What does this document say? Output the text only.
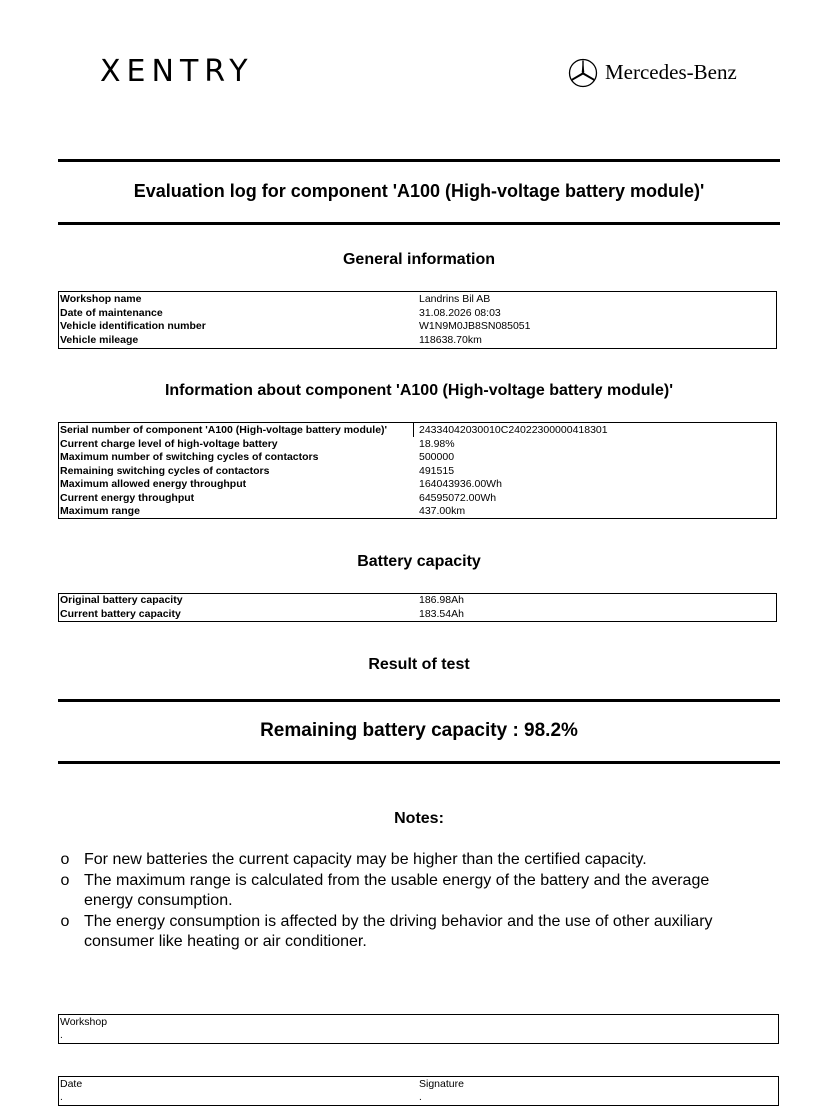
XENTRY	Mercedes-Benz
Evaluation log for component 'A100 (High-voltage battery module)'
General information
Workshop name	Landrins Bil AB
Date of maintenance	31.08.2026 08:03
Vehicle identification number	W1N9M0JB8SN085051
Vehicle mileage	118638.70km
Information about component 'A100 (High-voltage battery module)'
Serial number of component 'A100 (High-voltage battery module)'	24334042030010C24022300000418301
Current charge level of high-voltage battery	18.98%
Maximum number of switching cycles of contactors	500000
Remaining switching cycles of contactors	491515
Maximum allowed energy throughput	164043936.00Wh
Current energy throughput	64595072.00Wh
Maximum range	437.00km
Battery capacity
Original battery capacity	186.98Ah
Current battery capacity	183.54Ah
Result of test
Remaining battery capacity : 98.2%
Notes:
o For new batteries the current capacity may be higher than the certified capacity.
o The maximum range is calculated from the usable energy of the battery and the average energy consumption.
o The energy consumption is affected by the driving behavior and the use of other auxiliary consumer like heating or air conditioner.
Workshop
.
Date
.
Signature
.
